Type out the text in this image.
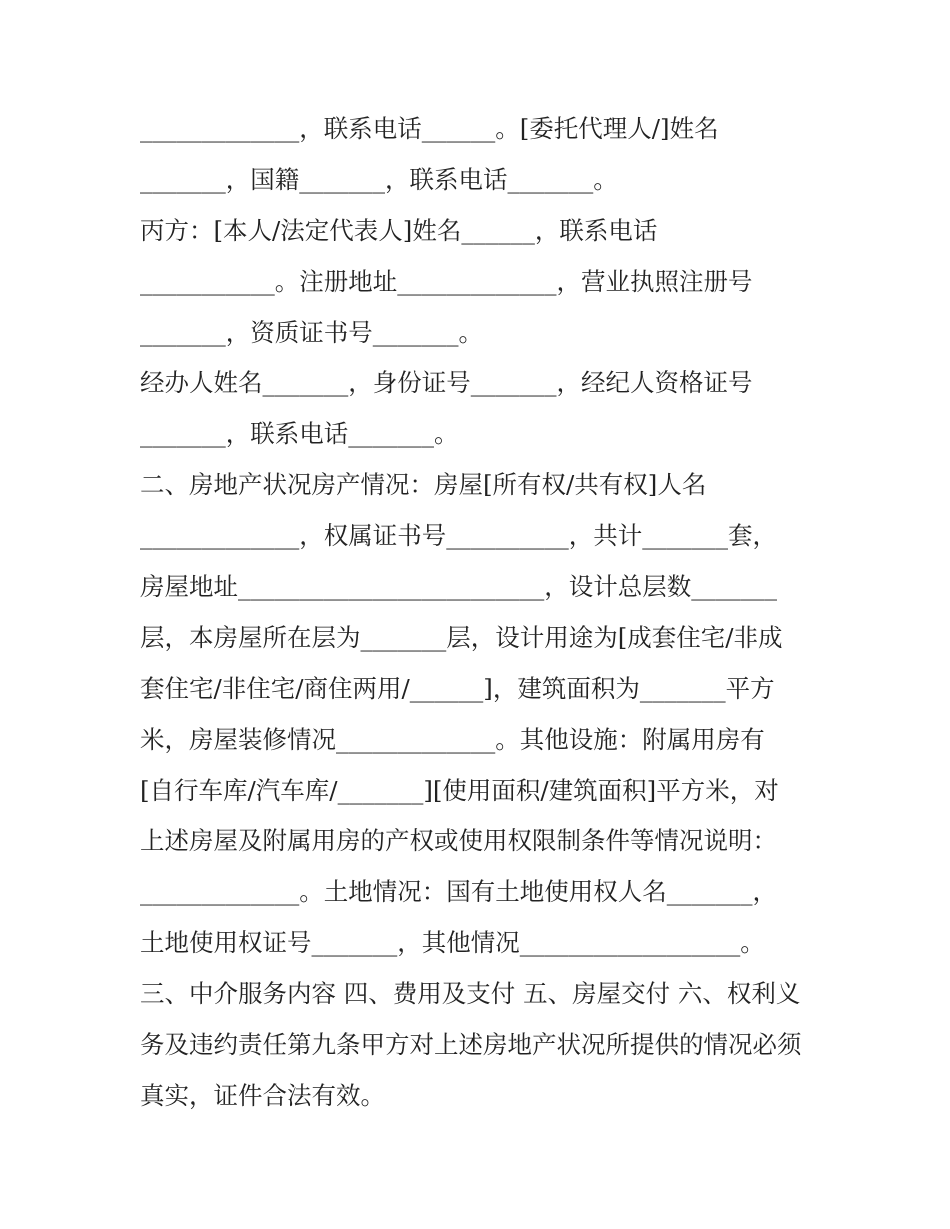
_____________，联系电话______。[委托代理人/]姓名
_______，国籍_______，联系电话_______。
丙方：[本人/法定代表人]姓名______，联系电话
___________。注册地址_____________，营业执照注册号
_______，资质证书号_______。
经办人姓名_______，身份证号_______，经纪人资格证号
_______，联系电话_______。
二、房地产状况房产情况：房屋[所有权/共有权]人名
_____________，权属证书号__________，共计_______套，
房屋地址_________________________，设计总层数_______
层，本房屋所在层为_______层，设计用途为[成套住宅/非成
套住宅/非住宅/商住两用/______]，建筑面积为_______平方
米，房屋装修情况_____________。其他设施：附属用房有
[自行车库/汽车库/_______][使用面积/建筑面积]平方米，对
上述房屋及附属用房的产权或使用权限制条件等情况说明：
_____________。土地情况：国有土地使用权人名_______，
土地使用权证号_______，其他情况__________________。
三、中介服务内容 四、费用及支付 五、房屋交付 六、权利义
务及违约责任第九条甲方对上述房地产状况所提供的情况必须
真实，证件合法有效。
